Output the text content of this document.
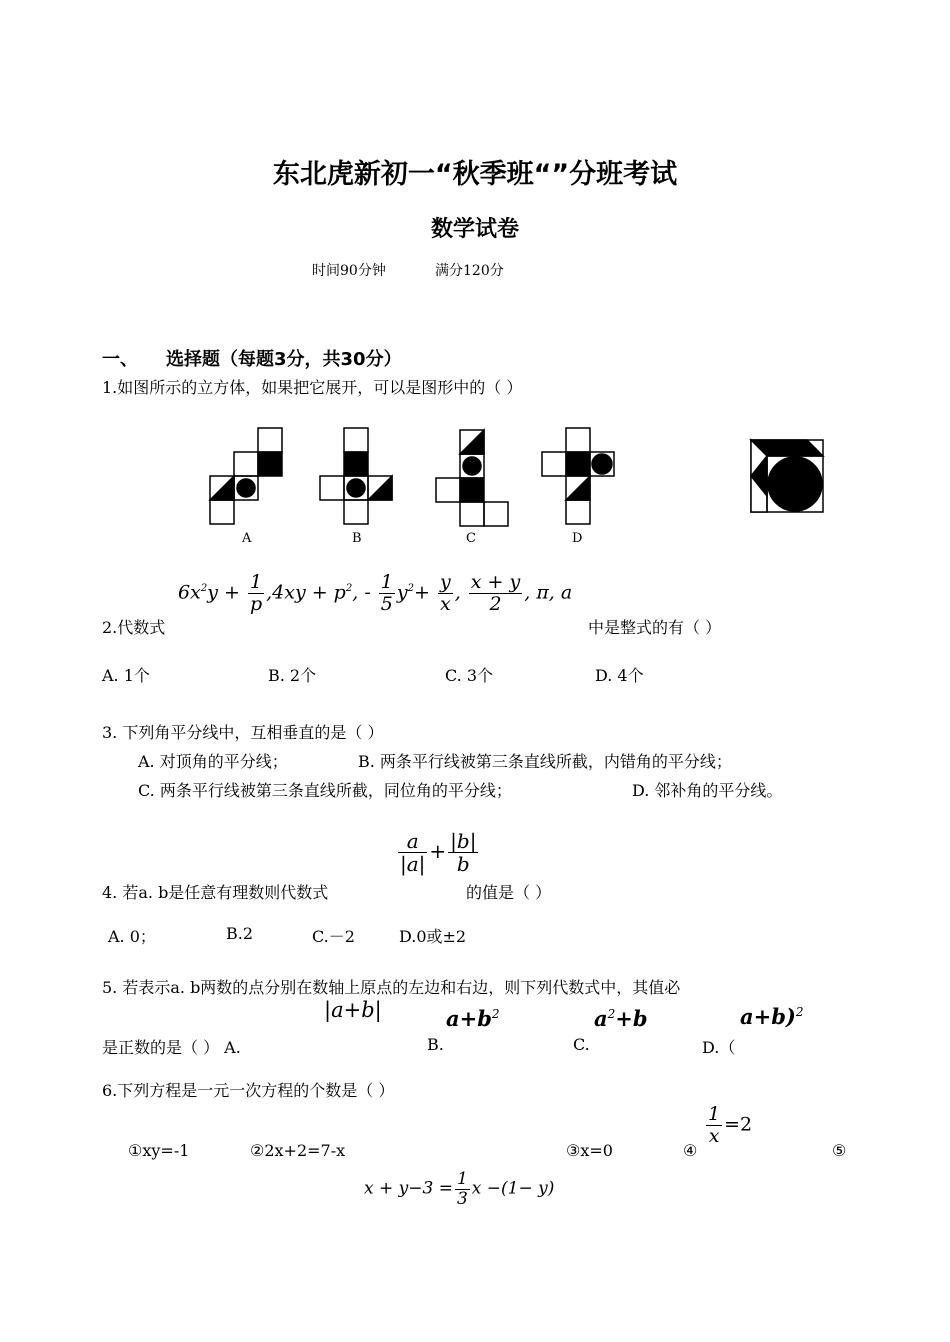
东北虎新初一“秋季班“”分班考试
数学试卷
时间90分钟	满分120分
一、 选择题（每题3分，共30分）
1.如图所示的立方体，如果把它展开，可以是图形中的（ ）
A	B	C	D
2.代数式
$6x^2y + \frac{1}{p} ,4xy + p^2$, - $\frac{1}{5} y^2+ \frac{y}{x}$ , $\frac{x + y}{2}$ , π, a
中是整式的有（ ）
A. 1个	B. 2个	C. 3个	D. 4个
3. 下列角平分线中，互相垂直的是（ ）
A. 对顶角的平分线；	B. 两条平行线被第三条直线所截，内错角的平分线；
C. 两条平行线被第三条直线所截，同位角的平分线；	D. 邻补角的平分线。
4. 若a. b是任意有理数则代数式
$\frac{a}{|a|} + \frac{|b|}{b}$
的值是（ ）
A. 0；	B.2	C.－2	D.0或±2
5. 若表示a. b两数的点分别在数轴上原点的左边和右边，则下列代数式中，其值必
|a+b|	$a+b^2$	$a^2+b$	a+b)$^2$
是正数的是（ ） A.	B.	C.	D.（
6.下列方程是一元一次方程的个数是（ ）
①xy=-1	②2x+2=7-x	③x=0	④
$\frac{1}{x} =2$
⑤
$x + y-3 = \frac{1}{3}$ x −(1− y)
